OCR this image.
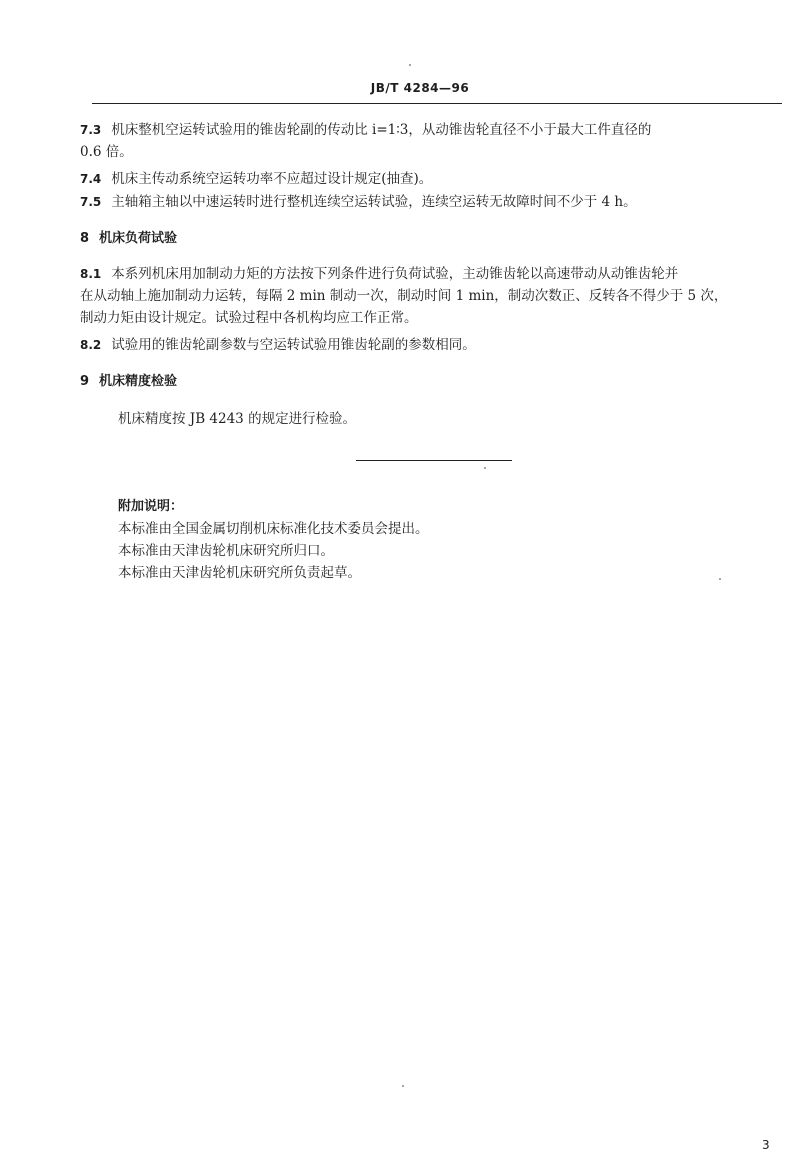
JB/T 4284—96
7.3 机床整机空运转试验用的锥齿轮副的传动比 i=1∶3，从动锥齿轮直径不小于最大工件直径的
0.6 倍。
7.4 机床主传动系统空运转功率不应超过设计规定(抽查)。
7.5 主轴箱主轴以中速运转时进行整机连续空运转试验，连续空运转无故障时间不少于 4 h。
8 机床负荷试验
8.1 本系列机床用加制动力矩的方法按下列条件进行负荷试验，主动锥齿轮以高速带动从动锥齿轮并
在从动轴上施加制动力运转，每隔 2 min 制动一次，制动时间 1 min，制动次数正、反转各不得少于 5 次，
制动力矩由设计规定。试验过程中各机构均应工作正常。
8.2 试验用的锥齿轮副参数与空运转试验用锥齿轮副的参数相同。
9 机床精度检验
机床精度按 JB 4243 的规定进行检验。
附加说明：
本标准由全国金属切削机床标准化技术委员会提出。
本标准由天津齿轮机床研究所归口。
本标准由天津齿轮机床研究所负责起草。
3
